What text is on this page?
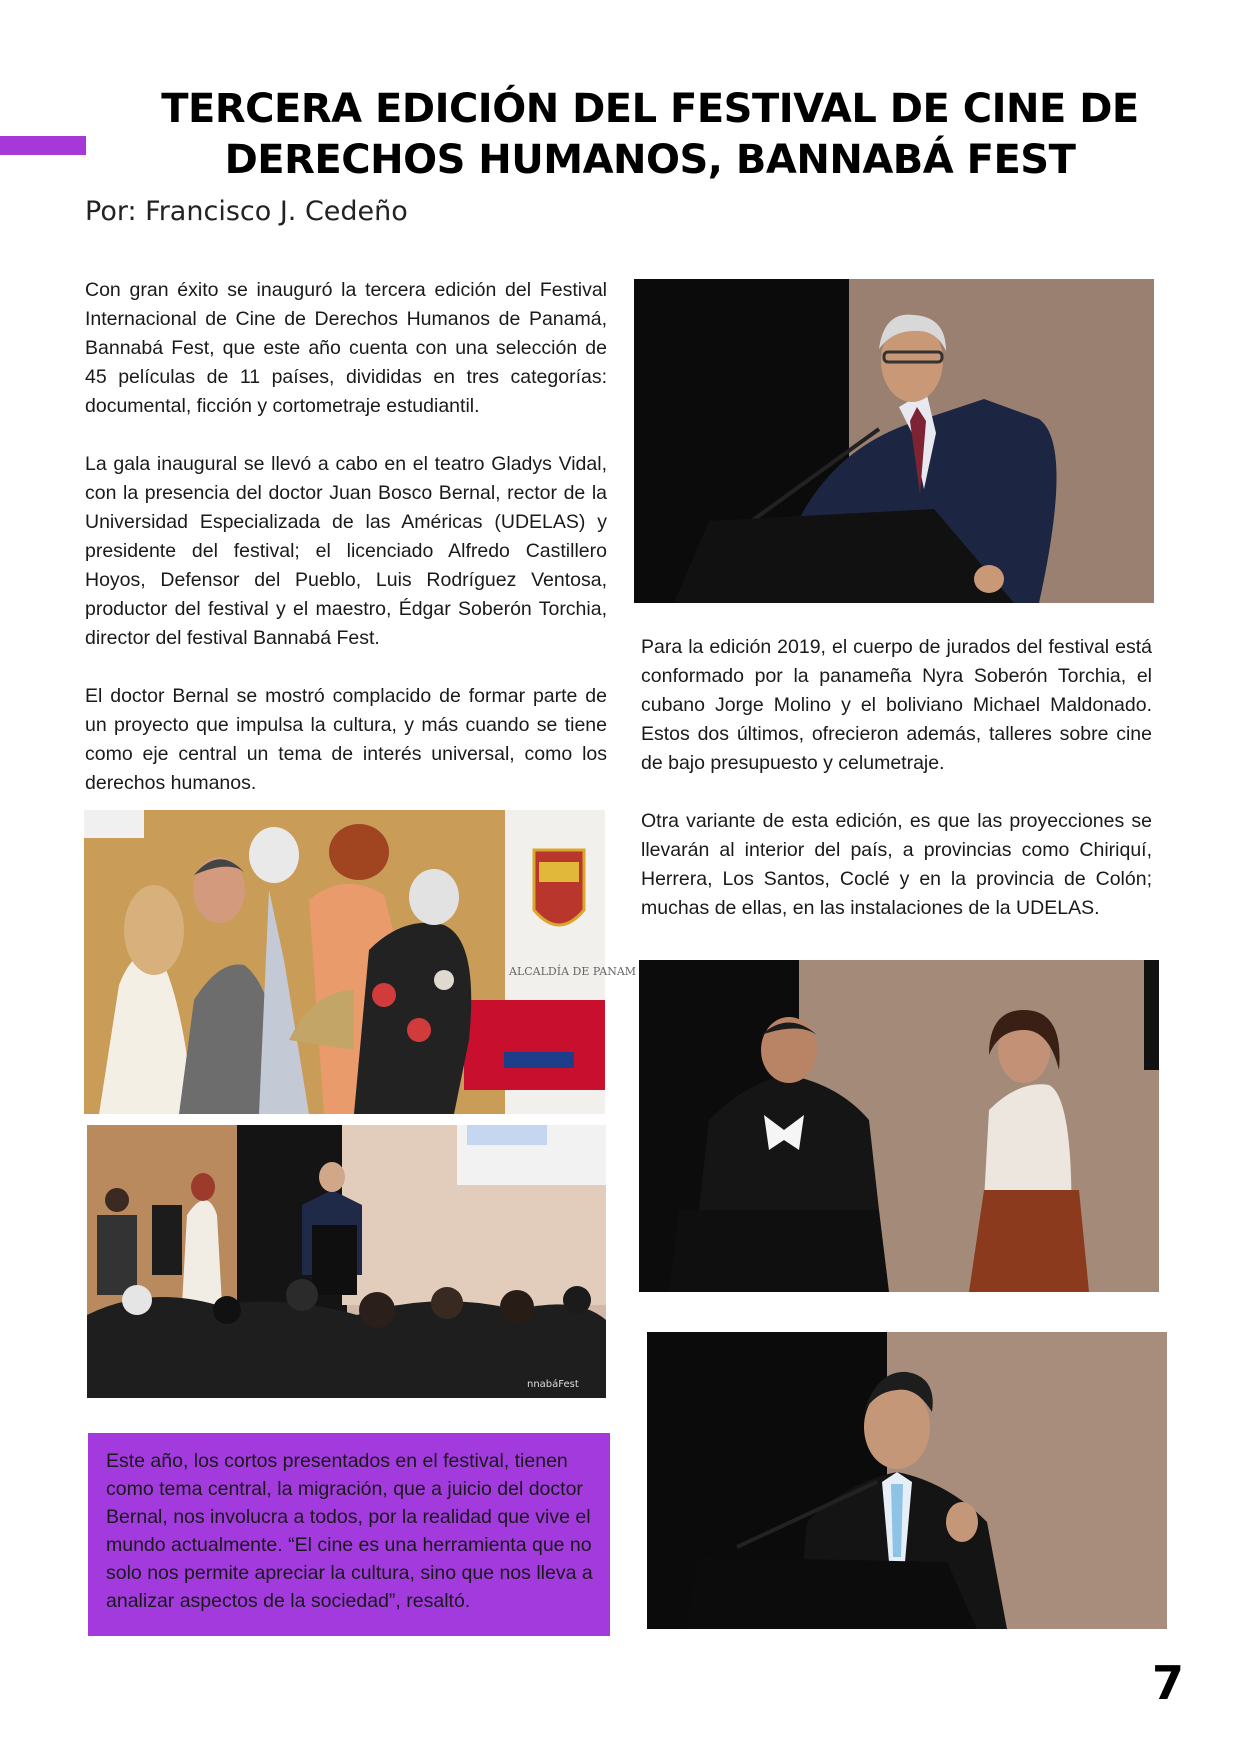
TERCERA EDICIÓN DEL FESTIVAL DE CINE DE DERECHOS HUMANOS, BANNABÁ FEST

Por: Francisco J. Cedeño

Con gran éxito se inauguró la tercera edición del Festival Internacional de Cine de Derechos Humanos de Panamá, Bannabá Fest, que este año cuenta con una selección de 45 películas de 11 países, divididas en tres categorías: documental, ficción y cortometraje estudiantil.

La gala inaugural se llevó a cabo en el teatro Gladys Vidal, con la presencia del doctor Juan Bosco Bernal, rector de la Universidad Especializada de las Américas (UDELAS) y presidente del festival; el licenciado Alfredo Castillero Hoyos, Defensor del Pueblo, Luis Rodríguez Ventosa, productor del festival y el maestro, Édgar Soberón Torchia, director del festival Bannabá Fest.

El doctor Bernal se mostró complacido de formar parte de un proyecto que impulsa la cultura, y más cuando se tiene como eje central un tema de interés universal, como los derechos humanos.

Para la edición 2019, el cuerpo de jurados del festival está conformado por la panameña Nyra Soberón Torchia, el cubano Jorge Molino y el boliviano Michael Maldonado. Estos dos últimos, ofrecieron además, talleres sobre cine de bajo presupuesto y celumetraje.

Otra variante de esta edición, es que las proyecciones se llevarán al interior del país, a provincias como Chiriquí, Herrera, Los Santos, Coclé y en la provincia de Colón; muchas de ellas, en las instalaciones de la UDELAS.

ALCALDÍA DE PANAM
nnabáFest

Este año, los cortos presentados en el festival, tienen como tema central, la migración, que a juicio del doctor Bernal, nos involucra a todos, por la realidad que vive el mundo actualmente. “El cine es una herramienta que no solo nos permite apreciar la cultura, sino que nos lleva a analizar aspectos de la sociedad”, resaltó.

7
